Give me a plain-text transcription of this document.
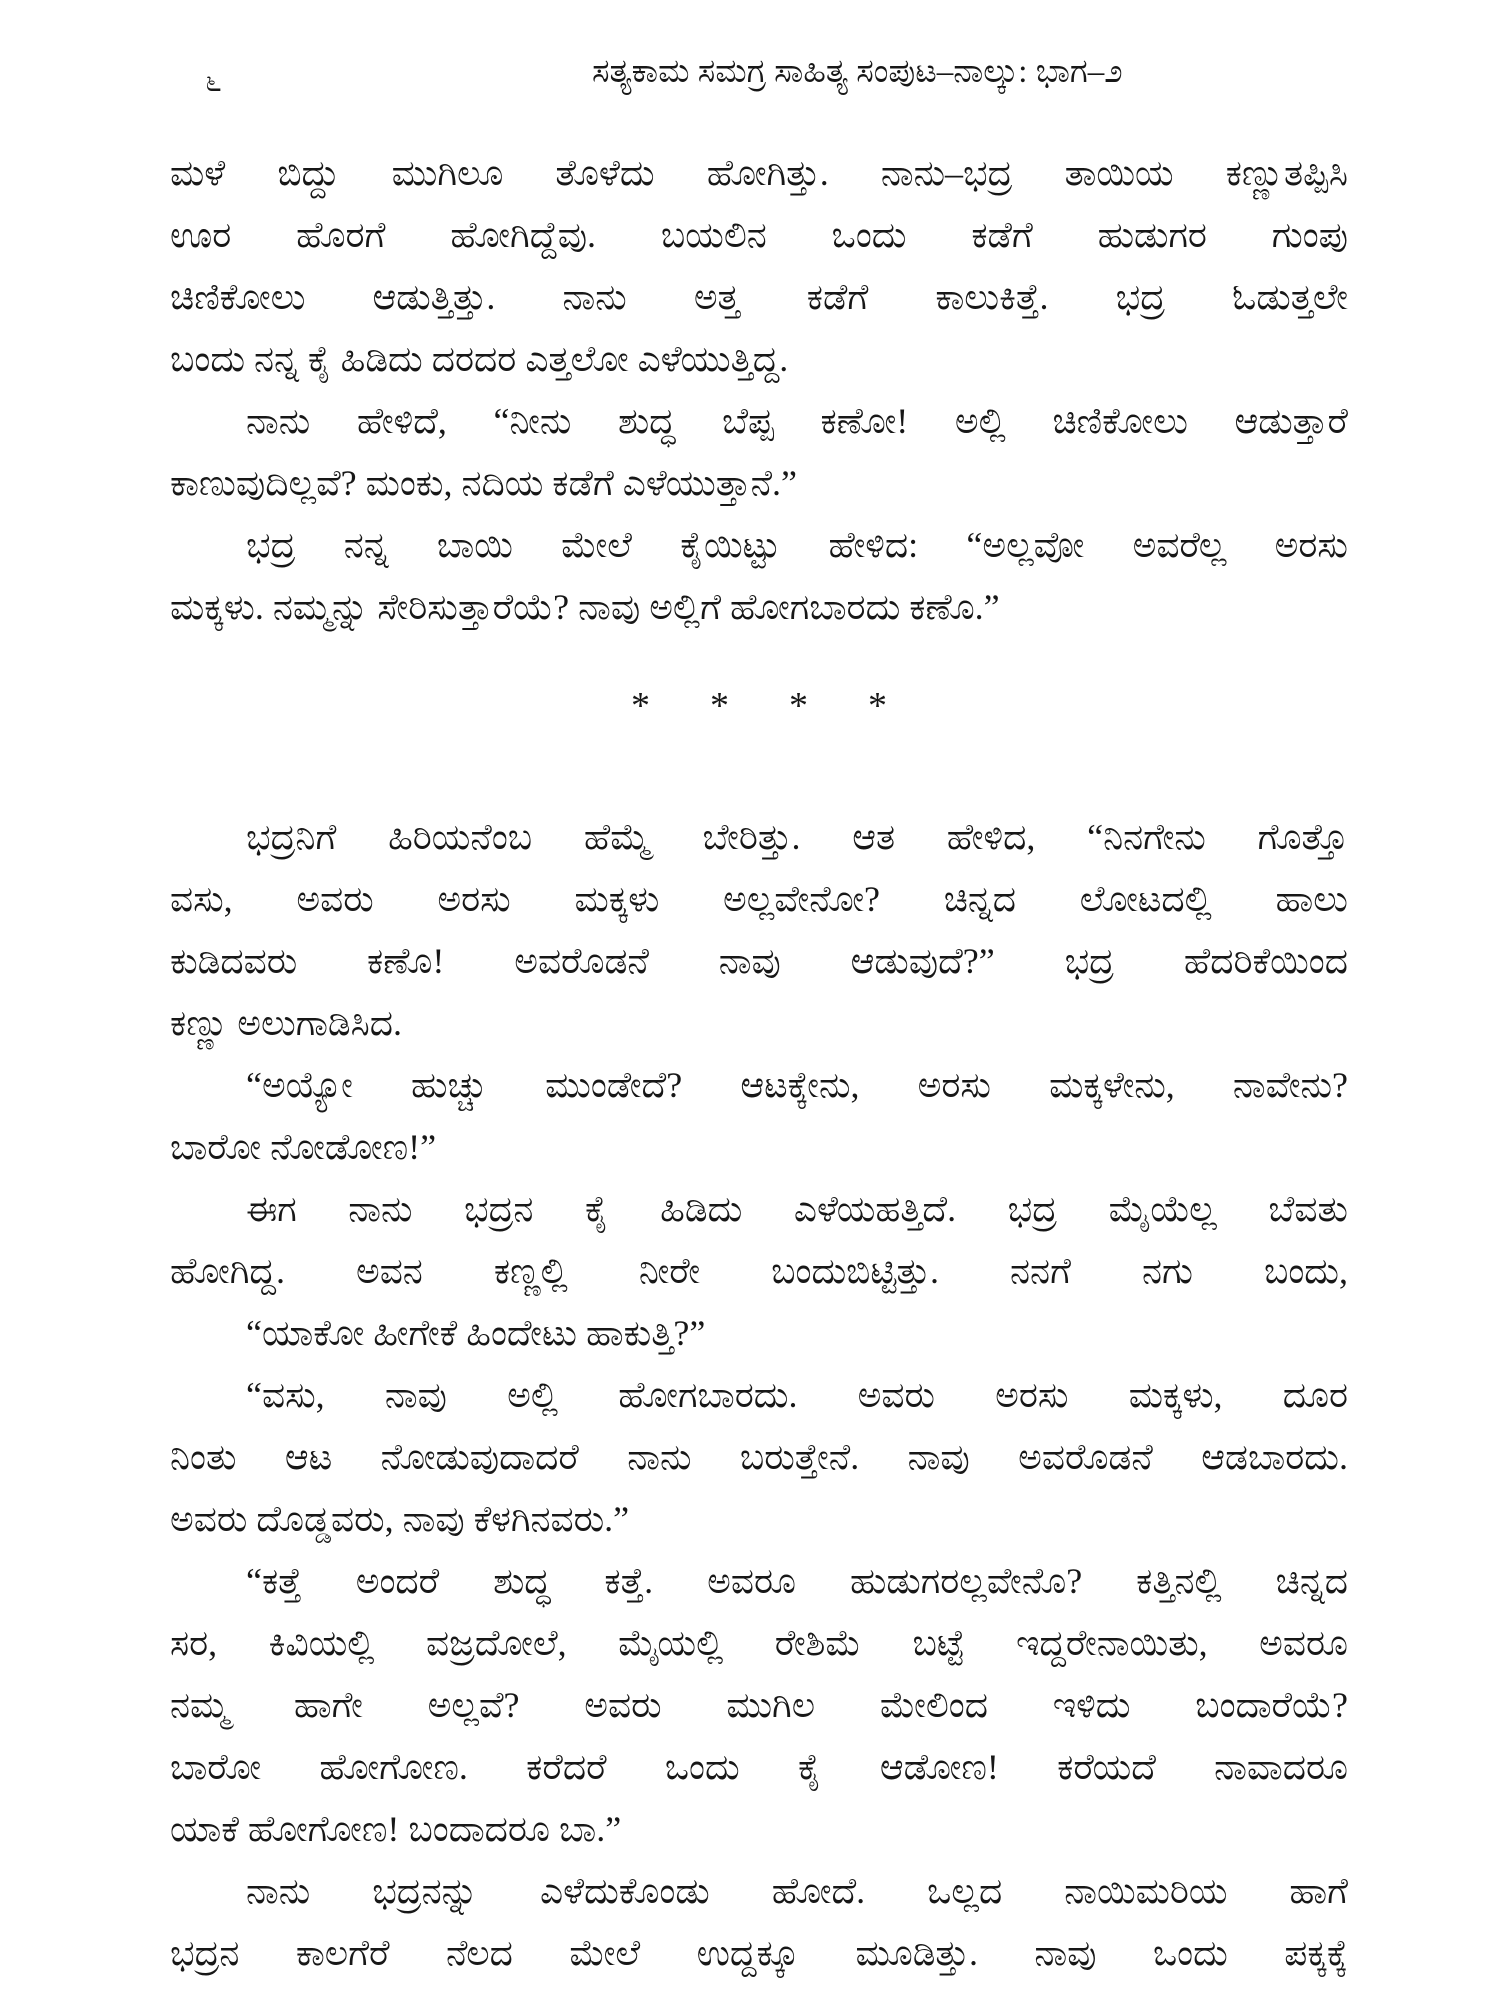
೬	ಸತ್ಯಕಾಮ ಸಮಗ್ರ ಸಾಹಿತ್ಯ ಸಂಪುಟ–ನಾಲ್ಕು: ಭಾಗ–೨

ಮಳೆ ಬಿದ್ದು ಮುಗಿಲೂ ತೊಳೆದು ಹೋಗಿತ್ತು. ನಾನು–ಭದ್ರ ತಾಯಿಯ ಕಣ್ಣುತಪ್ಪಿಸಿ
ಊರ ಹೊರಗೆ ಹೋಗಿದ್ದೆವು. ಬಯಲಿನ ಒಂದು ಕಡೆಗೆ ಹುಡುಗರ ಗುಂಪು
ಚಿಣಿಕೋಲು ಆಡುತ್ತಿತ್ತು. ನಾನು ಅತ್ತ ಕಡೆಗೆ ಕಾಲುಕಿತ್ತೆ. ಭದ್ರ ಓಡುತ್ತಲೇ
ಬಂದು ನನ್ನ ಕೈ ಹಿಡಿದು ದರದರ ಎತ್ತಲೋ ಎಳೆಯುತ್ತಿದ್ದ.

ನಾನು ಹೇಳಿದೆ, “ನೀನು ಶುದ್ಧ ಬೆಪ್ಪ ಕಣೋ! ಅಲ್ಲಿ ಚಿಣಿಕೋಲು ಆಡುತ್ತಾರೆ
ಕಾಣುವುದಿಲ್ಲವೆ? ಮಂಕು, ನದಿಯ ಕಡೆಗೆ ಎಳೆಯುತ್ತಾನೆ.”

ಭದ್ರ ನನ್ನ ಬಾಯಿ ಮೇಲೆ ಕೈಯಿಟ್ಟು ಹೇಳಿದ: “ಅಲ್ಲವೋ ಅವರೆಲ್ಲ ಅರಸು
ಮಕ್ಕಳು. ನಮ್ಮನ್ನು ಸೇರಿಸುತ್ತಾರೆಯೆ? ನಾವು ಅಲ್ಲಿಗೆ ಹೋಗಬಾರದು ಕಣೊ.”

* * * *

ಭದ್ರನಿಗೆ ಹಿರಿಯನೆಂಬ ಹೆಮ್ಮೆ ಬೇರಿತ್ತು. ಆತ ಹೇಳಿದ, “ನಿನಗೇನು ಗೊತ್ತೊ
ವಸು, ಅವರು ಅರಸು ಮಕ್ಕಳು ಅಲ್ಲವೇನೋ? ಚಿನ್ನದ ಲೋಟದಲ್ಲಿ ಹಾಲು
ಕುಡಿದವರು ಕಣೊ! ಅವರೊಡನೆ ನಾವು ಆಡುವುದೆ?” ಭದ್ರ ಹೆದರಿಕೆಯಿಂದ
ಕಣ್ಣು ಅಲುಗಾಡಿಸಿದ.

“ಅಯ್ಯೋ ಹುಚ್ಚು ಮುಂಡೇದೆ? ಆಟಕ್ಕೇನು, ಅರಸು ಮಕ್ಕಳೇನು, ನಾವೇನು?
ಬಾರೋ ನೋಡೋಣ!”

ಈಗ ನಾನು ಭದ್ರನ ಕೈ ಹಿಡಿದು ಎಳೆಯಹತ್ತಿದೆ. ಭದ್ರ ಮೈಯೆಲ್ಲ ಬೆವತು
ಹೋಗಿದ್ದ. ಅವನ ಕಣ್ಣಲ್ಲಿ ನೀರೇ ಬಂದುಬಿಟ್ಟಿತ್ತು. ನನಗೆ ನಗು ಬಂದು,

“ಯಾಕೋ ಹೀಗೇಕೆ ಹಿಂದೇಟು ಹಾಕುತ್ತಿ?”

“ವಸು, ನಾವು ಅಲ್ಲಿ ಹೋಗಬಾರದು. ಅವರು ಅರಸು ಮಕ್ಕಳು, ದೂರ
ನಿಂತು ಆಟ ನೋಡುವುದಾದರೆ ನಾನು ಬರುತ್ತೇನೆ. ನಾವು ಅವರೊಡನೆ ಆಡಬಾರದು.
ಅವರು ದೊಡ್ಡವರು, ನಾವು ಕೆಳಗಿನವರು.”

“ಕತ್ತೆ ಅಂದರೆ ಶುದ್ಧ ಕತ್ತೆ. ಅವರೂ ಹುಡುಗರಲ್ಲವೇನೊ? ಕತ್ತಿನಲ್ಲಿ ಚಿನ್ನದ
ಸರ, ಕಿವಿಯಲ್ಲಿ ವಜ್ರದೋಲೆ, ಮೈಯಲ್ಲಿ ರೇಶಿಮೆ ಬಟ್ಟೆ ಇದ್ದರೇನಾಯಿತು, ಅವರೂ
ನಮ್ಮ ಹಾಗೇ ಅಲ್ಲವೆ? ಅವರು ಮುಗಿಲ ಮೇಲಿಂದ ಇಳಿದು ಬಂದಾರೆಯೆ?
ಬಾರೋ ಹೋಗೋಣ. ಕರೆದರೆ ಒಂದು ಕೈ ಆಡೋಣ! ಕರೆಯದೆ ನಾವಾದರೂ
ಯಾಕೆ ಹೋಗೋಣ! ಬಂದಾದರೂ ಬಾ.”

ನಾನು ಭದ್ರನನ್ನು ಎಳೆದುಕೊಂಡು ಹೋದೆ. ಒಲ್ಲದ ನಾಯಿಮರಿಯ ಹಾಗೆ
ಭದ್ರನ ಕಾಲಗೆರೆ ನೆಲದ ಮೇಲೆ ಉದ್ದಕ್ಕೂ ಮೂಡಿತ್ತು. ನಾವು ಒಂದು ಪಕ್ಕಕ್ಕೆ
